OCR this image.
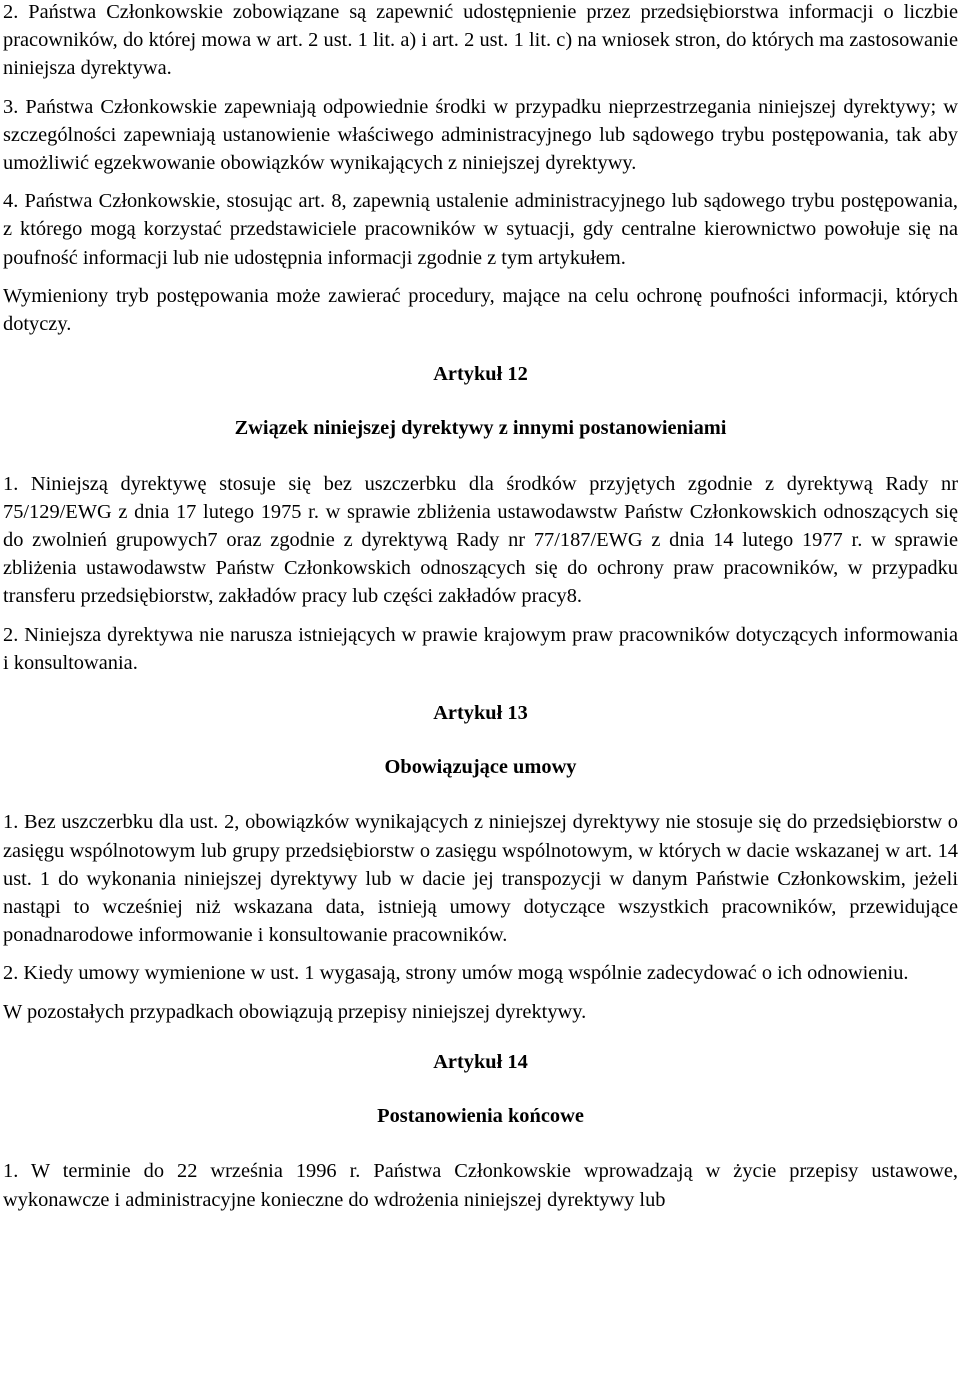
2. Państwa Członkowskie zobowiązane są zapewnić udostępnienie przez przedsiębiorstwa informacji o liczbie pracowników, do której mowa w art. 2 ust. 1 lit. a) i art. 2 ust. 1 lit. c) na wniosek stron, do których ma zastosowanie niniejsza dyrektywa.

3. Państwa Członkowskie zapewniają odpowiednie środki w przypadku nieprzestrzegania niniejszej dyrektywy; w szczególności zapewniają ustanowienie właściwego administracyjnego lub sądowego trybu postępowania, tak aby umożliwić egzekwowanie obowiązków wynikających z niniejszej dyrektywy.

4. Państwa Członkowskie, stosując art. 8, zapewnią ustalenie administracyjnego lub sądowego trybu postępowania, z którego mogą korzystać przedstawiciele pracowników w sytuacji, gdy centralne kierownictwo powołuje się na poufność informacji lub nie udostępnia informacji zgodnie z tym artykułem.

Wymieniony tryb postępowania może zawierać procedury, mające na celu ochronę poufności informacji, których dotyczy.

Artykuł 12

Związek niniejszej dyrektywy z innymi postanowieniami

1. Niniejszą dyrektywę stosuje się bez uszczerbku dla środków przyjętych zgodnie z dyrektywą Rady nr 75/129/EWG z dnia 17 lutego 1975 r. w sprawie zbliżenia ustawodawstw Państw Członkowskich odnoszących się do zwolnień grupowych7 oraz zgodnie z dyrektywą Rady nr 77/187/EWG z dnia 14 lutego 1977 r. w sprawie zbliżenia ustawodawstw Państw Członkowskich odnoszących się do ochrony praw pracowników, w przypadku transferu przedsiębiorstw, zakładów pracy lub części zakładów pracy8.

2. Niniejsza dyrektywa nie narusza istniejących w prawie krajowym praw pracowników dotyczących informowania i konsultowania.

Artykuł 13

Obowiązujące umowy

1. Bez uszczerbku dla ust. 2, obowiązków wynikających z niniejszej dyrektywy nie stosuje się do przedsiębiorstw o zasięgu wspólnotowym lub grupy przedsiębiorstw o zasięgu wspólnotowym, w których w dacie wskazanej w art. 14 ust. 1 do wykonania niniejszej dyrektywy lub w dacie jej transpozycji w danym Państwie Członkowskim, jeżeli nastąpi to wcześniej niż wskazana data, istnieją umowy dotyczące wszystkich pracowników, przewidujące ponadnarodowe informowanie i konsultowanie pracowników.

2. Kiedy umowy wymienione w ust. 1 wygasają, strony umów mogą wspólnie zadecydować o ich odnowieniu.

W pozostałych przypadkach obowiązują przepisy niniejszej dyrektywy.

Artykuł 14

Postanowienia końcowe

1. W terminie do 22 września 1996 r. Państwa Członkowskie wprowadzają w życie przepisy ustawowe, wykonawcze i administracyjne konieczne do wdrożenia niniejszej dyrektywy lub
